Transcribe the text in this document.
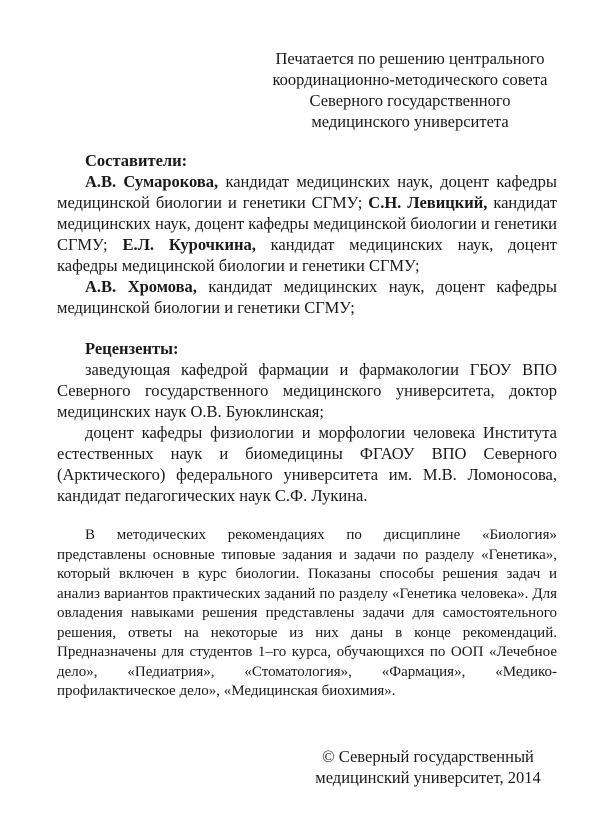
Печатается по решению центрального
координационно-методического совета
Северного государственного
медицинского университета

Составители:

А.В. Сумарокова, кандидат медицинских наук, доцент кафедры медицинской биологии и генетики СГМУ; С.Н. Левицкий, кандидат медицинских наук, доцент кафедры медицинской биологии и генетики СГМУ; Е.Л. Курочкина, кандидат медицинских наук, доцент кафедры медицинской биологии и генетики СГМУ;

А.В. Хромова, кандидат медицинских наук, доцент кафедры медицинской биологии и генетики СГМУ;

Рецензенты:

заведующая кафедрой фармации и фармакологии ГБОУ ВПО Северного государственного медицинского университета, доктор медицинских наук О.В. Буюклинская;

доцент кафедры физиологии и морфологии человека Института естественных наук и биомедицины ФГАОУ ВПО Северного (Арктического) федерального университета им. М.В. Ломоносова, кандидат педагогических наук С.Ф. Лукина.

В методических рекомендациях по дисциплине «Биология» представлены основные типовые задания и задачи по разделу «Генетика», который включен в курс биологии. Показаны способы решения задач и анализ вариантов практических заданий по разделу «Генетика человека». Для овладения навыками решения представлены задачи для самостоятельного решения, ответы на некоторые из них даны в конце рекомендаций. Предназначены для студентов 1–го курса, обучающихся по ООП «Лечебное дело», «Педиатрия», «Стоматология», «Фармация», «Медико-профилактическое дело», «Медицинская биохимия».

© Северный государственный
медицинский университет, 2014
